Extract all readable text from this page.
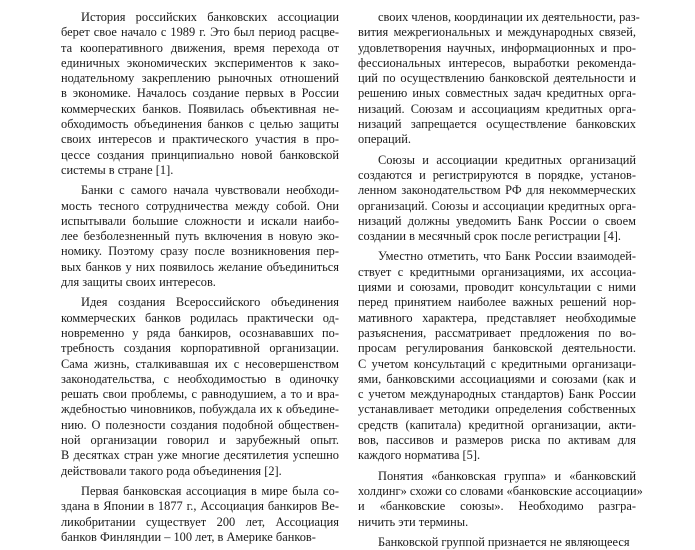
История российских банковских ассоциации
берет свое начало с 1989 г. Это был период расцве-
та кооперативного движения, время перехода от
единичных экономических экспериментов к зако-
нодательному закреплению рыночных отношений
в экономике. Началось создание первых в России
коммерческих банков. Появилась объективная не-
обходимость объединения банков с целью защиты
своих интересов и практического участия в про-
цессе создания принципиально новой банковской
системы в стране [1].
Банки с самого начала чувствовали необходи-
мость тесного сотрудничества между собой. Они
испытывали большие сложности и искали наибо-
лее безболезненный путь включения в новую эко-
номику. Поэтому сразу после возникновения пер-
вых банков у них появилось желание объединиться
для защиты своих интересов.
Идея создания Всероссийского объединения
коммерческих банков родилась практически од-
новременно у ряда банкиров, осознававших по-
требность создания корпоративной организации.
Сама жизнь, сталкивавшая их с несовершенством
законодательства, с необходимостью в одиночку
решать свои проблемы, с равнодушием, а то и вра-
ждебностью чиновников, побуждала их к объедине-
нию. О полезности создания подобной обществен-
ной организации говорил и зарубежный опыт.
В десятках стран уже многие десятилетия успешно
действовали такого рода объединения [2].
Первая банковская ассоциация в мире была со-
здана в Японии в 1877 г., Ассоциация банкиров Ве-
ликобритании существует 200 лет, Ассоциация
банков Финляндии – 100 лет, в Америке банков-
своих членов, координации их деятельности, раз-
вития межрегиональных и международных связей,
удовлетворения научных, информационных и про-
фессиональных интересов, выработки рекоменда-
ций по осуществлению банковской деятельности и
решению иных совместных задач кредитных орга-
низаций. Союзам и ассоциациям кредитных орга-
низаций запрещается осуществление банковских
операций.
Союзы и ассоциации кредитных организаций
создаются и регистрируются в порядке, установ-
ленном законодательством РФ для некоммерческих
организаций. Союзы и ассоциации кредитных орга-
низаций должны уведомить Банк России о своем
создании в месячный срок после регистрации [4].
Уместно отметить, что Банк России взаимодей-
ствует с кредитными организациями, их ассоциа-
циями и союзами, проводит консультации с ними
перед принятием наиболее важных решений нор-
мативного характера, представляет необходимые
разъяснения, рассматривает предложения по во-
просам регулирования банковской деятельности.
С учетом консультаций с кредитными организаци-
ями, банковскими ассоциациями и союзами (как и
с учетом международных стандартов) Банк России
устанавливает методики определения собственных
средств (капитала) кредитной организации, акти-
вов, пассивов и размеров риска по активам для
каждого норматива [5].
Понятия «банковская группа» и «банковский
холдинг» схожи со словами «банковские ассоциации»
и «банковские союзы». Необходимо разгра-
ничить эти термины.
Банковской группой признается не являющееся
